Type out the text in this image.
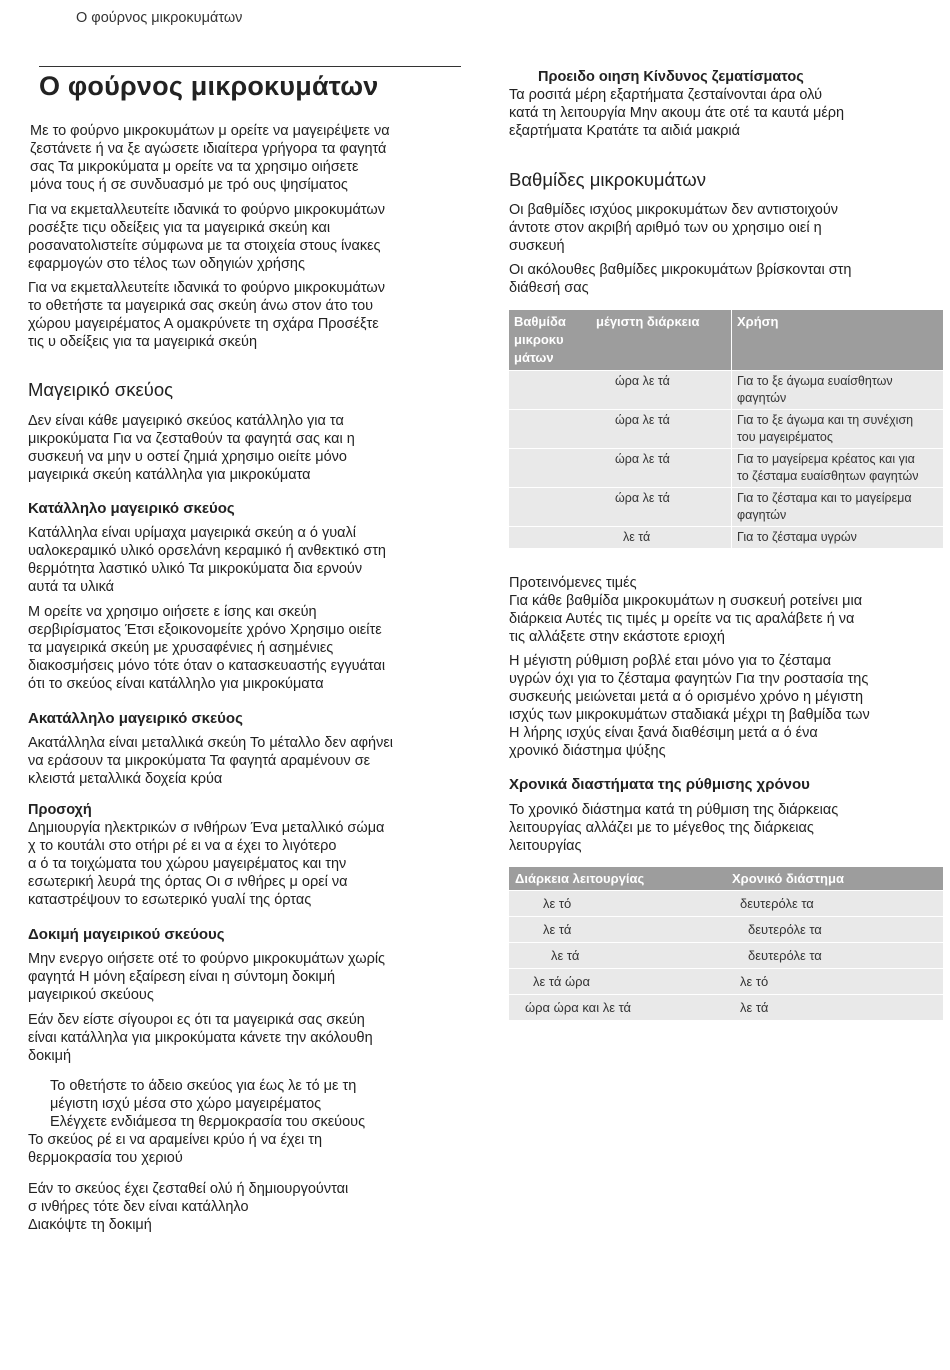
Ο φούρνος μικροκυμάτων
Ο φούρνος μικροκυμάτων

Με το φούρνο μικροκυμάτων μ ορείτε να μαγειρέψετε να
ζεστάνετε ή να ξε αγώσετε ιδιαίτερα γρήγορα τα φαγητά
σας Τα μικροκύματα μ ορείτε να τα χρησιμο οιήσετε
μόνα τους ή σε συνδυασμό με τρό ους ψησίματος

Για να εκμεταλλευτείτε ιδανικά το φούρνο μικροκυμάτων
ροσέξτε τιςυ οδείξεις για τα μαγειρικά σκεύη και
ροσανατολιστείτε σύμφωνα με τα στοιχεία στους ίνακες
εφαρμογών στο τέλος των οδηγιών χρήσης

Για να εκμεταλλευτείτε ιδανικά το φούρνο μικροκυμάτων
το οθετήστε τα μαγειρικά σας σκεύη άνω στον άτο του
χώρου μαγειρέματος Α ομακρύνετε τη σχάρα Προσέξτε
τις υ οδείξεις για τα μαγειρικά σκεύη

Μαγειρικό σκεύος

Δεν είναι κάθε μαγειρικό σκεύος κατάλληλο για τα
μικροκύματα Για να ζεσταθούν τα φαγητά σας και η
συσκευή να μην υ οστεί ζημιά χρησιμο οιείτε μόνο
μαγειρικά σκεύη κατάλληλα για μικροκύματα

Κατάλληλο μαγειρικό σκεύος

Κατάλληλα είναι υρίμαχα μαγειρικά σκεύη α ό γυαλί
υαλοκεραμικό υλικό ορσελάνη κεραμικό ή ανθεκτικό στη
θερμότητα λαστικό υλικό Τα μικροκύματα δια ερνούν
αυτά τα υλικά

Μ ορείτε να χρησιμο οιήσετε ε ίσης και σκεύη
σερβιρίσματος Έτσι εξοικονομείτε χρόνο Χρησιμο οιείτε
τα μαγειρικά σκεύη με χρυσαφένιες ή ασημένιες
διακοσμήσεις μόνο τότε όταν ο κατασκευαστής εγγυάται
ότι το σκεύος είναι κατάλληλο για μικροκύματα

Ακατάλληλο μαγειρικό σκεύος

Ακατάλληλα είναι μεταλλικά σκεύη Το μέταλλο δεν αφήνει
να εράσουν τα μικροκύματα Τα φαγητά αραμένουν σε
κλειστά μεταλλικά δοχεία κρύα

Προσοχή

Δημιουργία ηλεκτρικών σ ινθήρων Ένα μεταλλικό σώμα
χ το κουτάλι στο οτήρι ρέ ει να α έχει το λιγότερο
α ό τα τοιχώματα του χώρου μαγειρέματος και την
εσωτερική λευρά της όρτας Οι σ ινθήρες μ ορεί να
καταστρέψουν το εσωτερικό γυαλί της όρτας

Δοκιμή μαγειρικού σκεύους

Μην ενεργο οιήσετε οτέ το φούρνο μικροκυμάτων χωρίς
φαγητά Η μόνη εξαίρεση είναι η σύντομη δοκιμή
μαγειρικού σκεύους

Εάν δεν είστε σίγουροι ες ότι τα μαγειρικά σας σκεύη
είναι κατάλληλα για μικροκύματα κάνετε την ακόλουθη
δοκιμή

Το οθετήστε το άδειο σκεύος για έως λε τό με τη
μέγιστη ισχύ μέσα στο χώρο μαγειρέματος

Ελέγχετε ενδιάμεσα τη θερμοκρασία του σκεύους

Το σκεύος ρέ ει να αραμείνει κρύο ή να έχει τη
θερμοκρασία του χεριού

Εάν το σκεύος έχει ζεσταθεί ολύ ή δημιουργούνται
σ ινθήρες τότε δεν είναι κατάλληλο
Διακόψτε τη δοκιμή

Προειδο οιηση Κίνδυνος ζεματίσματος

Τα ροσιτά μέρη εξαρτήματα ζεσταίνονται άρα ολύ
κατά τη λειτουργία Μην ακουμ άτε οτέ τα καυτά μέρη
εξαρτήματα Κρατάτε τα αιδιά μακριά

Βαθμίδες μικροκυμάτων

Οι βαθμίδες ισχύος μικροκυμάτων δεν αντιστοιχούν
άντοτε στον ακριβή αριθμό των ου χρησιμο οιεί η
συσκευή

Οι ακόλουθες βαθμίδες μικροκυμάτων βρίσκονται στη
διάθεσή σας

Βαθμίδα
μικροκυ
μάτων	μέγιστη διάρκεια	Χρήση
	ώρα λε τά	Για το ξε άγωμα ευαίσθητων
φαγητών
	ώρα λε τά	Για το ξε άγωμα και τη συνέχιση
του μαγειρέματος
	ώρα λε τά	Για το μαγείρεμα κρέατος και για
το ζέσταμα ευαίσθητων φαγητών
	ώρα λε τά	Για το ζέσταμα και το μαγείρεμα
φαγητών
	λε τά	Για το ζέσταμα υγρών

Προτεινόμενες τιμές

Για κάθε βαθμίδα μικροκυμάτων η συσκευή ροτείνει μια
διάρκεια Αυτές τις τιμές μ ορείτε να τις αραλάβετε ή να
τις αλλάξετε στην εκάστοτε εριοχή

Η μέγιστη ρύθμιση ροβλέ εται μόνο για το ζέσταμα
υγρών όχι για το ζέσταμα φαγητών Για την ροστασία της
συσκευής μειώνεται μετά α ό ορισμένο χρόνο η μέγιστη
ισχύς των μικροκυμάτων σταδιακά μέχρι τη βαθμίδα των
Η λήρης ισχύς είναι ξανά διαθέσιμη μετά α ό ένα
χρονικό διάστημα ψύξης

Χρονικά διαστήματα της ρύθμισης χρόνου

Το χρονικό διάστημα κατά τη ρύθμιση της διάρκειας
λειτουργίας αλλάζει με το μέγεθος της διάρκειας
λειτουργίας

Διάρκεια λειτουργίας	Χρονικό διάστημα
λε τό	δευτερόλε τα
λε τά	δευτερόλε τα
λε τά	δευτερόλε τα
λε τά ώρα	λε τό
ώρα ώρα και λε τά	λε τά
